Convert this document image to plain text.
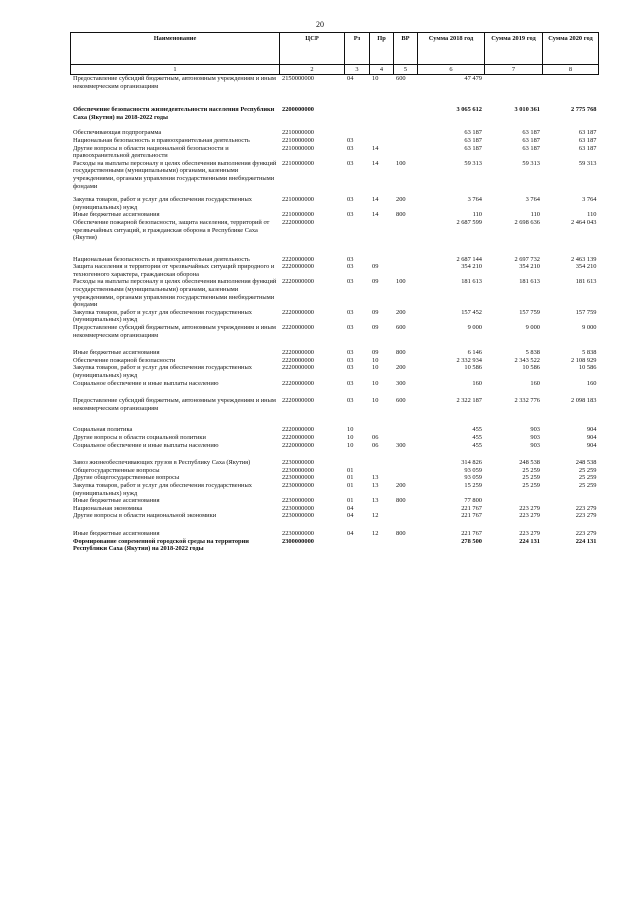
20
Наименование	ЦСР	Рз	Пр	ВР	Сумма 2018 год	Сумма 2019 год	Сумма 2020 год
1	2	3	4	5	6	7	8
Предоставление субсидий бюджетным, автономным учреждениям и иным некоммерческим организациям	2150000000	04	10	600	47 479		

Обеспечение безопасности жизнедеятельности населения Республики Саха (Якутия) на 2018-2022 годы	2200000000				3 065 612	3 010 361	2 775 768

Обеспечивающая подпрограмма	2210000000				63 187	63 187	63 187
Национальная безопасность и правоохранительная деятельность	2210000000	03			63 187	63 187	63 187
Другие вопросы в области национальной безопасности и правоохранительной деятельности	2210000000	03	14		63 187	63 187	63 187
Расходы на выплаты персоналу в целях обеспечения выполнения функций государственными (муниципальными) органами, казенными учреждениями, органами управления государственными внебюджетными фондами	2210000000	03	14	100	59 313	59 313	59 313

Закупка товаров, работ и услуг для обеспечения государственных (муниципальных) нужд	2210000000	03	14	200	3 764	3 764	3 764
Иные бюджетные ассигнования	2210000000	03	14	800	110	110	110
Обеспечение пожарной безопасности, защита населения, территорий от чрезвычайных ситуаций, и гражданская оборона в Республике Саха (Якутия)	2220000000				2 687 599	2 698 636	2 464 043

Национальная безопасность и правоохранительная деятельность	2220000000	03			2 687 144	2 697 732	2 463 139
Защита населения и территории от чрезвычайных ситуаций природного и техногенного характера, гражданская оборона	2220000000	03	09		354 210	354 210	354 210
Расходы на выплаты персоналу в целях обеспечения выполнения функций государственными (муниципальными) органами, казенными учреждениями, органами управления государственными внебюджетными фондами	2220000000	03	09	100	181 613	181 613	181 613
Закупка товаров, работ и услуг для обеспечения государственных (муниципальных) нужд	2220000000	03	09	200	157 452	157 759	157 759
Предоставление субсидий бюджетным, автономным учреждениям и иным некоммерческим организациям	2220000000	03	09	600	9 000	9 000	9 000

Иные бюджетные ассигнования	2220000000	03	09	800	6 146	5 838	5 838
Обеспечение пожарной безопасности	2220000000	03	10		2 332 934	2 343 522	2 108 929
Закупка товаров, работ и услуг для обеспечения государственных (муниципальных) нужд	2220000000	03	10	200	10 586	10 586	10 586
Социальное обеспечение и иные выплаты населению	2220000000	03	10	300	160	160	160

Предоставление субсидий бюджетным, автономным учреждениям и иным некоммерческим организациям	2220000000	03	10	600	2 322 187	2 332 776	2 098 183

Социальная политика	2220000000	10			455	903	904
Другие вопросы в области социальной политики	2220000000	10	06		455	903	904
Социальное обеспечение и иные выплаты населению	2220000000	10	06	300	455	903	904

Завоз жизнеобеспечивающих грузов в Республику Саха (Якутия)	2230000000				314 826	248 538	248 538
Общегосударственные вопросы	2230000000	01			93 059	25 259	25 259
Другие общегосударственные вопросы	2230000000	01	13		93 059	25 259	25 259
Закупка товаров, работ и услуг для обеспечения государственных (муниципальных) нужд	2230000000	01	13	200	15 259	25 259	25 259
Иные бюджетные ассигнования	2230000000	01	13	800	77 800		
Национальная экономика	2230000000	04			221 767	223 279	223 279
Другие вопросы в области национальной экономики	2230000000	04	12		221 767	223 279	223 279

Иные бюджетные ассигнования	2230000000	04	12	800	221 767	223 279	223 279
Формирование современной городской среды на территории Республики Саха (Якутия) на 2018-2022 годы	2300000000				278 500	224 131	224 131
